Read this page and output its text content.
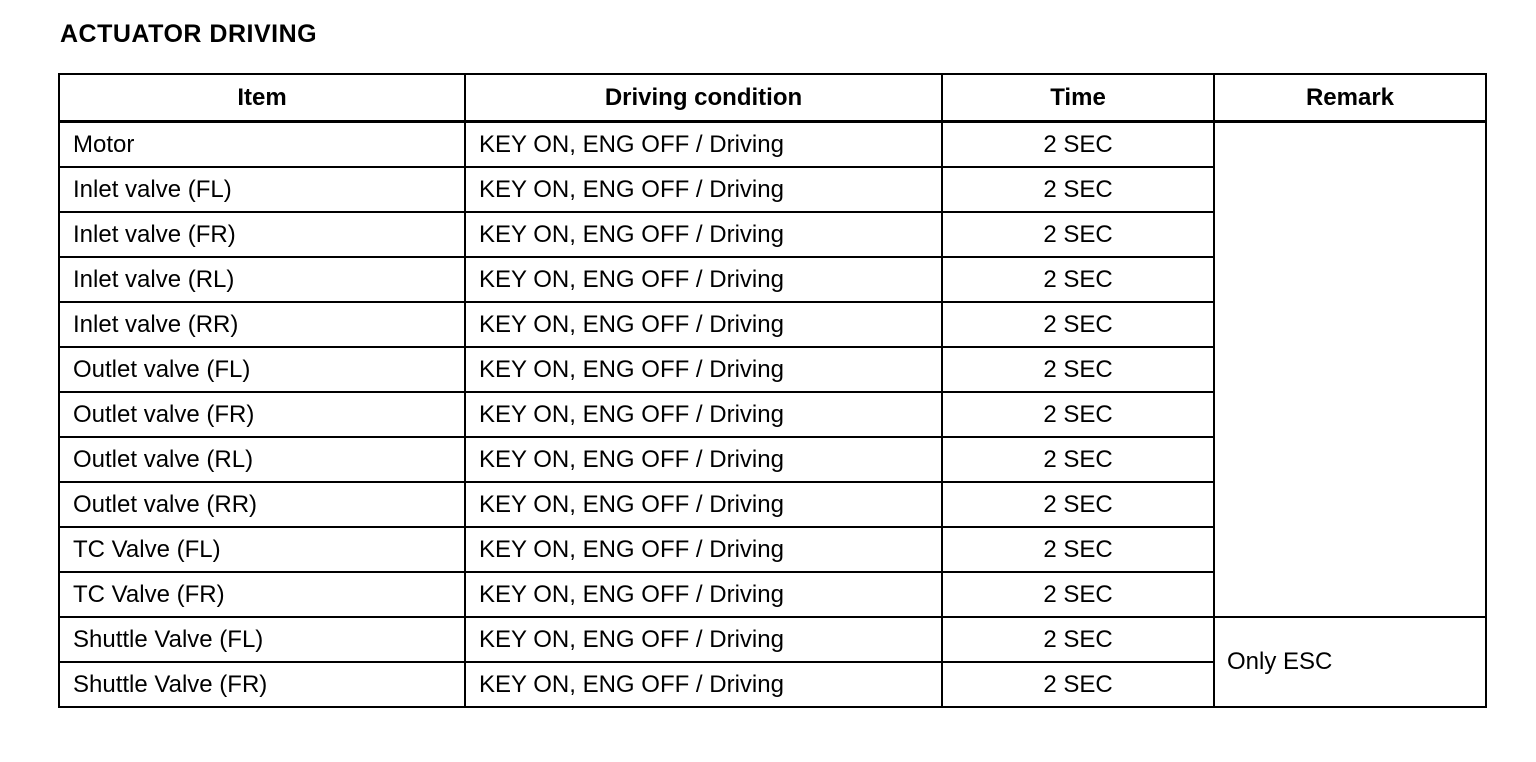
ACTUATOR DRIVING
Item	Driving condition	Time	Remark
Motor	KEY ON, ENG OFF / Driving	2 SEC	
Inlet valve (FL)	KEY ON, ENG OFF / Driving	2 SEC	
Inlet valve (FR)	KEY ON, ENG OFF / Driving	2 SEC	
Inlet valve (RL)	KEY ON, ENG OFF / Driving	2 SEC	
Inlet valve (RR)	KEY ON, ENG OFF / Driving	2 SEC	
Outlet valve (FL)	KEY ON, ENG OFF / Driving	2 SEC	
Outlet valve (FR)	KEY ON, ENG OFF / Driving	2 SEC	
Outlet valve (RL)	KEY ON, ENG OFF / Driving	2 SEC	
Outlet valve (RR)	KEY ON, ENG OFF / Driving	2 SEC	
TC Valve (FL)	KEY ON, ENG OFF / Driving	2 SEC	
TC Valve (FR)	KEY ON, ENG OFF / Driving	2 SEC	
Shuttle Valve (FL)	KEY ON, ENG OFF / Driving	2 SEC	Only ESC
Shuttle Valve (FR)	KEY ON, ENG OFF / Driving	2 SEC	
